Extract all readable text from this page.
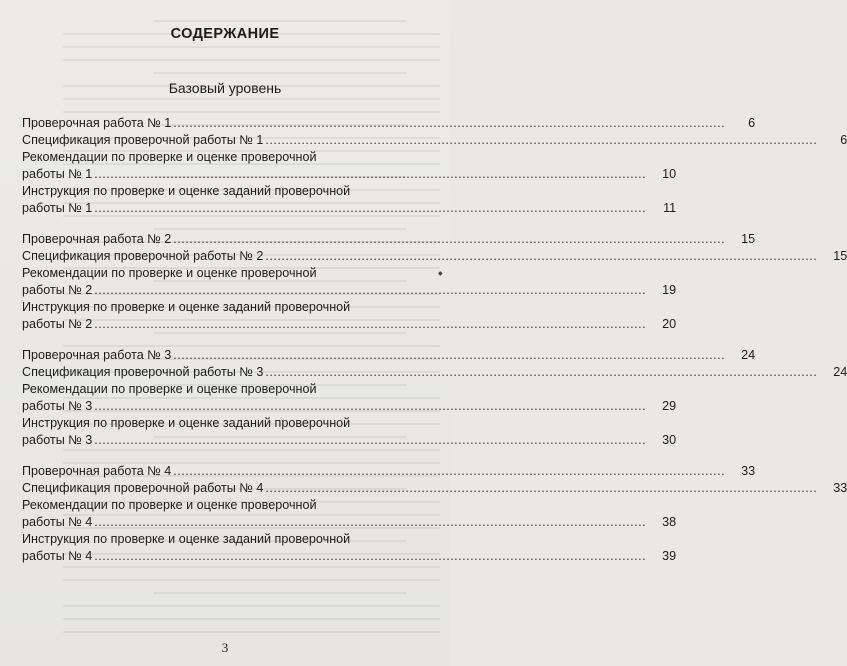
СОДЕРЖАНИЕ
Базовый уровень
Проверочная работа № 1 ..........................................................................................................................................	6
Спецификация проверочной работы № 1 ..........................................................................................................................................	6
Рекомендации по проверке и оценке проверочной
работы № 1 ..........................................................................................................................................	10
Инструкция по проверке и оценке заданий проверочной
работы № 1 ..........................................................................................................................................	11
Проверочная работа № 2 ..........................................................................................................................................	15
Спецификация проверочной работы № 2 ..........................................................................................................................................	15
Рекомендации по проверке и оценке проверочной
работы № 2 ..........................................................................................................................................	19
Инструкция по проверке и оценке заданий проверочной
работы № 2 ..........................................................................................................................................	20
Проверочная работа № 3 ..........................................................................................................................................	24
Спецификация проверочной работы № 3 ..........................................................................................................................................	24
Рекомендации по проверке и оценке проверочной
работы № 3 ..........................................................................................................................................	29
Инструкция по проверке и оценке заданий проверочной
работы № 3 ..........................................................................................................................................	30
Проверочная работа № 4 ..........................................................................................................................................	33
Спецификация проверочной работы № 4 ..........................................................................................................................................	33
Рекомендации по проверке и оценке проверочной
работы № 4 ..........................................................................................................................................	38
Инструкция по проверке и оценке заданий проверочной
работы № 4 ..........................................................................................................................................	39
◆
3
